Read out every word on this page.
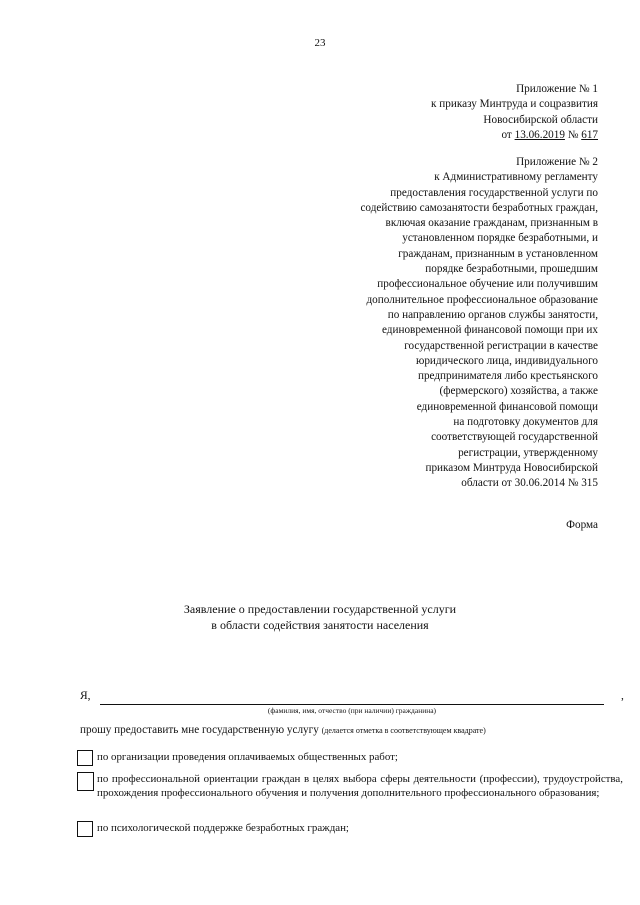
23
Приложение № 1
к приказу Минтруда и соцразвития
Новосибирской области
от 13.06.2019 № 617
Приложение № 2
к Административному регламенту
предоставления государственной услуги по
содействию самозанятости безработных граждан,
включая оказание гражданам, признанным в
установленном порядке безработными, и
гражданам, признанным в установленном
порядке безработными, прошедшим
профессиональное обучение или получившим
дополнительное профессиональное образование
по направлению органов службы занятости,
единовременной финансовой помощи при их
государственной регистрации в качестве
юридического лица, индивидуального
предпринимателя либо крестьянского
(фермерского) хозяйства, а также
единовременной финансовой помощи
на подготовку документов для
соответствующей государственной
регистрации, утвержденному
приказом Минтруда Новосибирской
области от 30.06.2014 № 315
Форма
Заявление о предоставлении государственной услуги
в области содействия занятости населения
Я,
(фамилия, имя, отчество (при наличии) гражданина)
,
прошу предоставить мне государственную услугу (делается отметка в соответствующем квадрате)
по организации проведения оплачиваемых общественных работ;
по профессиональной ориентации граждан в целях выбора сферы деятельности (профессии), трудоустройства, прохождения профессионального обучения и получения дополнительного профессионального образования;
по психологической поддержке безработных граждан;
